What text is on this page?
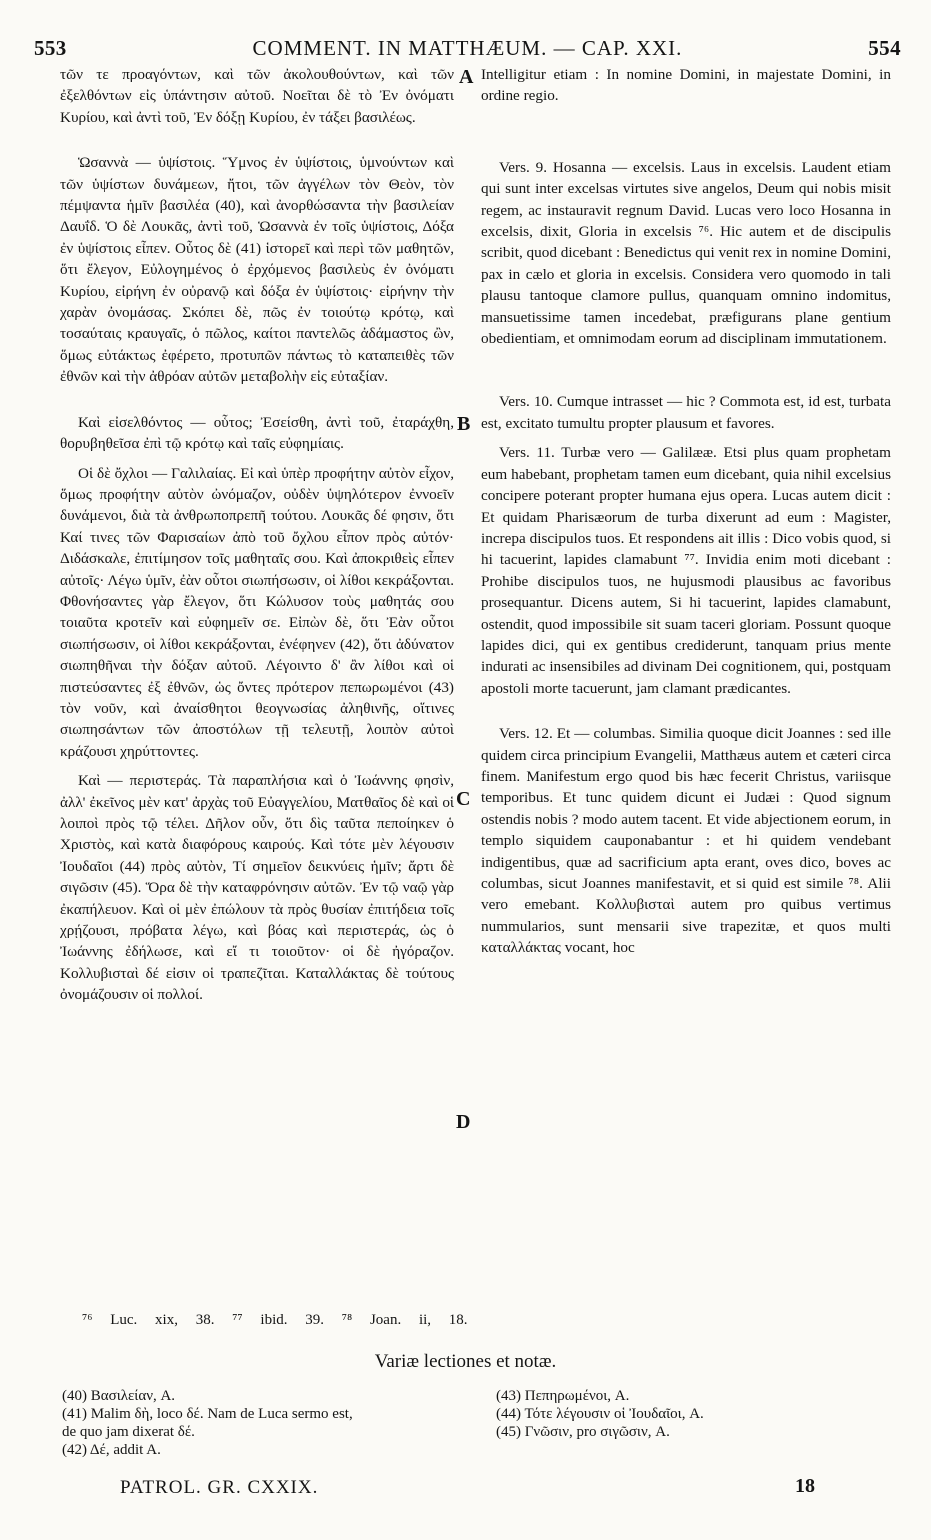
553	COMMENT. IN MATTHÆUM. — CAP. XXI.	554

τῶν τε προαγόντων, καὶ τῶν ἀκολουθούντων, καὶ τῶν ἐξελθόντων εἰς ὑπάντησιν αὐτοῦ. Νοεῖται δὲ τὸ Ἐν ὀνόματι Κυρίου, καὶ ἀντὶ τοῦ, Ἐν δόξῃ Κυρίου, ἐν τάξει βασιλέως.

Ὡσαννὰ — ὑψίστοις. Ὕμνος ἐν ὑψίστοις, ὑμνούντων καὶ τῶν ὑψίστων δυνάμεων, ἤτοι, τῶν ἀγγέλων τὸν Θεὸν, τὸν πέμψαντα ἡμῖν βασιλέα (40), καὶ ἀνορθώσαντα τὴν βασιλείαν Δαυΐδ. Ὁ δὲ Λουκᾶς, ἀντὶ τοῦ, Ὡσαννὰ ἐν τοῖς ὑψίστοις, Δόξα ἐν ὑψίστοις εἶπεν. Οὗτος δὲ (41) ἱστορεῖ καὶ περὶ τῶν μαθητῶν, ὅτι ἔλεγον, Εὐλογημένος ὁ ἐρχόμενος βασιλεὺς ἐν ὀνόματι Κυρίου, εἰρήνη ἐν οὐρανῷ καὶ δόξα ἐν ὑψίστοις· εἰρήνην τὴν χαρὰν ὀνομάσας. Σκόπει δὲ, πῶς ἐν τοιούτῳ κρότῳ, καὶ τοσαύταις κραυγαῖς, ὁ πῶλος, καίτοι παντελῶς ἀδάμαστος ὢν, ὅμως εὐτάκτως ἐφέρετο, προτυπῶν πάντως τὸ καταπειθὲς τῶν ἐθνῶν καὶ τὴν ἀθρόαν αὐτῶν μεταβολὴν εἰς εὐταξίαν.

Καὶ εἰσελθόντος — οὗτος; Ἐσείσθη, ἀντὶ τοῦ, ἐταράχθη, θορυβηθεῖσα ἐπὶ τῷ κρότῳ καὶ ταῖς εὐφημίαις.

Οἱ δὲ ὄχλοι — Γαλιλαίας. Εἰ καὶ ὑπὲρ προφήτην αὐτὸν εἶχον, ὅμως προφήτην αὐτὸν ὠνόμαζον, οὐδὲν ὑψηλότερον ἐννοεῖν δυνάμενοι, διὰ τὰ ἀνθρωποπρεπῆ τούτου. Λουκᾶς δέ φησιν, ὅτι Καί τινες τῶν Φαρισαίων ἀπὸ τοῦ ὄχλου εἶπον πρὸς αὐτόν· Διδάσκαλε, ἐπιτίμησον τοῖς μαθηταῖς σου. Καὶ ἀποκριθεὶς εἶπεν αὐτοῖς· Λέγω ὑμῖν, ἐὰν οὗτοι σιωπήσωσιν, οἱ λίθοι κεκράξονται. Φθονήσαντες γὰρ ἔλεγον, ὅτι Κώλυσον τοὺς μαθητάς σου τοιαῦτα κροτεῖν καὶ εὐφημεῖν σε. Εἰπὼν δὲ, ὅτι Ἐὰν οὗτοι σιωπήσωσιν, οἱ λίθοι κεκράξονται, ἐνέφηνεν (42), ὅτι ἀδύνατον σιωπηθῆναι τὴν δόξαν αὐτοῦ. Λέγοιντο δ' ἂν λίθοι καὶ οἱ πιστεύσαντες ἐξ ἐθνῶν, ὡς ὄντες πρότερον πεπωρωμένοι (43) τὸν νοῦν, καὶ ἀναίσθητοι θεογνωσίας ἀληθινῆς, οἵτινες σιωπησάντων τῶν ἀποστόλων τῇ τελευτῇ, λοιπὸν αὐτοὶ κράζουσι χηρύττοντες.

Καὶ — περιστεράς. Τὰ παραπλήσια καὶ ὁ Ἰωάννης φησὶν, ἀλλ' ἐκεῖνος μὲν κατ' ἀρχὰς τοῦ Εὐαγγελίου, Ματθαῖος δὲ καὶ οἱ λοιποὶ πρὸς τῷ τέλει. Δῆλον οὖν, ὅτι δὶς ταῦτα πεποίηκεν ὁ Χριστὸς, καὶ κατὰ διαφόρους καιρούς. Καὶ τότε μὲν λέγουσιν Ἰουδαῖοι (44) πρὸς αὐτὸν, Τί σημεῖον δεικνύεις ἡμῖν; ἄρτι δὲ σιγῶσιν (45). Ὅρα δὲ τὴν καταφρόνησιν αὐτῶν. Ἐν τῷ ναῷ γὰρ ἐκαπήλευον. Καὶ οἱ μὲν ἐπώλουν τὰ πρὸς θυσίαν ἐπιτήδεια τοῖς χρῄζουσι, πρόβατα λέγω, καὶ βόας καὶ περιστεράς, ὡς ὁ Ἰωάννης ἐδήλωσε, καὶ εἴ τι τοιοῦτον· οἱ δὲ ἠγόραζον. Κολλυβισταὶ δέ εἰσιν οἱ τραπεζῖται. Καταλλάκτας δὲ τούτους ὀνομάζουσιν οἱ πολλοί.

Intelligitur etiam : In nomine Domini, in majestate Domini, in ordine regio.

Vers. 9. Hosanna — excelsis. Laus in excelsis. Laudent etiam qui sunt inter excelsas virtutes sive angelos, Deum qui nobis misit regem, ac instauravit regnum David. Lucas vero loco Hosanna in excelsis, dixit, Gloria in excelsis ⁷⁶. Hic autem et de discipulis scribit, quod dicebant : Benedictus qui venit rex in nomine Domini, pax in cælo et gloria in excelsis. Considera vero quomodo in tali plausu tantoque clamore pullus, quanquam omnino indomitus, mansuetissime tamen incedebat, præfigurans plane gentium obedientiam, et omnimodam eorum ad disciplinam immutationem.

Vers. 10. Cumque intrasset — hic ? Commota est, id est, turbata est, excitato tumultu propter plausum et favores.

Vers. 11. Turbæ vero — Galilææ. Etsi plus quam prophetam eum habebant, prophetam tamen eum dicebant, quia nihil excelsius concipere poterant propter humana ejus opera. Lucas autem dicit : Et quidam Pharisæorum de turba dixerunt ad eum : Magister, increpa discipulos tuos. Et respondens ait illis : Dico vobis quod, si hi tacuerint, lapides clamabunt ⁷⁷. Invidia enim moti dicebant : Prohibe discipulos tuos, ne hujusmodi plausibus ac favoribus prosequantur. Dicens autem, Si hi tacuerint, lapides clamabunt, ostendit, quod impossibile sit suam taceri gloriam. Possunt quoque lapides dici, qui ex gentibus crediderunt, tanquam prius mente indurati ac insensibiles ad divinam Dei cognitionem, qui, postquam apostoli morte tacuerunt, jam clamant prædicantes.

Vers. 12. Et — columbas. Similia quoque dicit Joannes : sed ille quidem circa principium Evangelii, Matthæus autem et cæteri circa finem. Manifestum ergo quod bis hæc fecerit Christus, variisque temporibus. Et tunc quidem dicunt ei Judæi : Quod signum ostendis nobis ? modo autem tacent. Et vide abjectionem eorum, in templo siquidem cauponabantur : et hi quidem vendebant indigentibus, quæ ad sacrificium apta erant, oves dico, boves ac columbas, sicut Joannes manifestavit, et si quid est simile ⁷⁸. Alii vero emebant. Κολλυβισταὶ autem pro quibus vertimus nummularios, sunt mensarii sive trapezitæ, et quos multi καταλλάκτας vocant, hoc

A
B
C
D
⁷⁶ Luc. xix, 38. ⁷⁷ ibid. 39. ⁷⁸ Joan. ii, 18.
Variæ lectiones et notæ.
(40) Βασιλείαν, A.
(41) Malim δὴ, loco δέ. Nam de Luca sermo est,
de quo jam dixerat δέ.
(42) Δέ, addit A.
(43) Πεπηρωμένοι, A.
(44) Τότε λέγουσιν οἱ Ἰουδαῖοι, A.
(45) Γνῶσιν, pro σιγῶσιν, A.
PATROL. GR. CXXIX.	18
